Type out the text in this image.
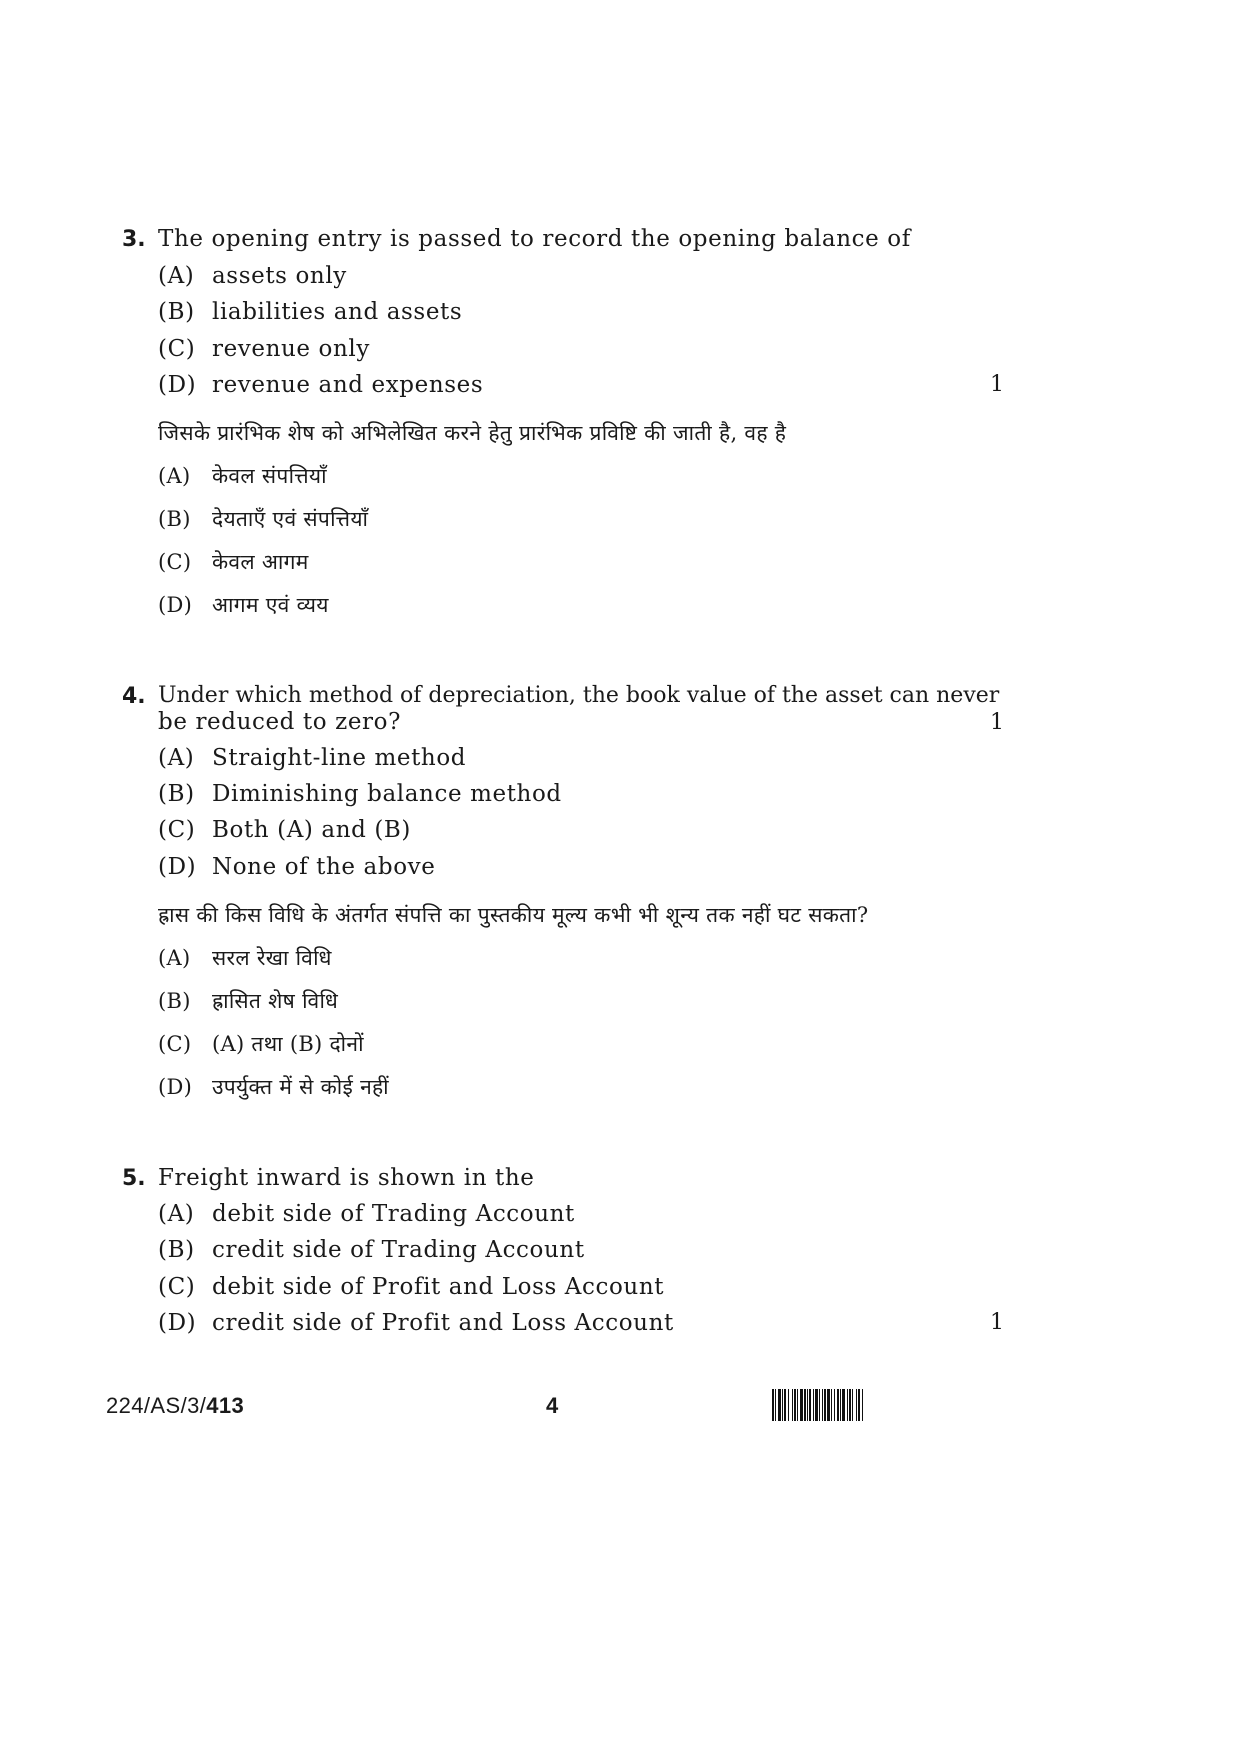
3. The opening entry is passed to record the opening balance of
(A) assets only
(B) liabilities and assets
(C) revenue only
(D) revenue and expenses	1
जिसके प्रारंभिक शेष को अभिलेखित करने हेतु प्रारंभिक प्रविष्टि की जाती है, वह है
(A) केवल संपत्तियाँ
(B) देयताएँ एवं संपत्तियाँ
(C) केवल आगम
(D) आगम एवं व्यय
4. Under which method of depreciation, the book value of the asset can never
be reduced to zero?	1
(A) Straight-line method
(B) Diminishing balance method
(C) Both (A) and (B)
(D) None of the above
ह्रास की किस विधि के अंतर्गत संपत्ति का पुस्तकीय मूल्य कभी भी शून्य तक नहीं घट सकता?
(A) सरल रेखा विधि
(B) ह्रासित शेष विधि
(C) (A) तथा (B) दोनों
(D) उपर्युक्त में से कोई नहीं
5. Freight inward is shown in the
(A) debit side of Trading Account
(B) credit side of Trading Account
(C) debit side of Profit and Loss Account
(D) credit side of Profit and Loss Account	1
224/AS/3/413	4
